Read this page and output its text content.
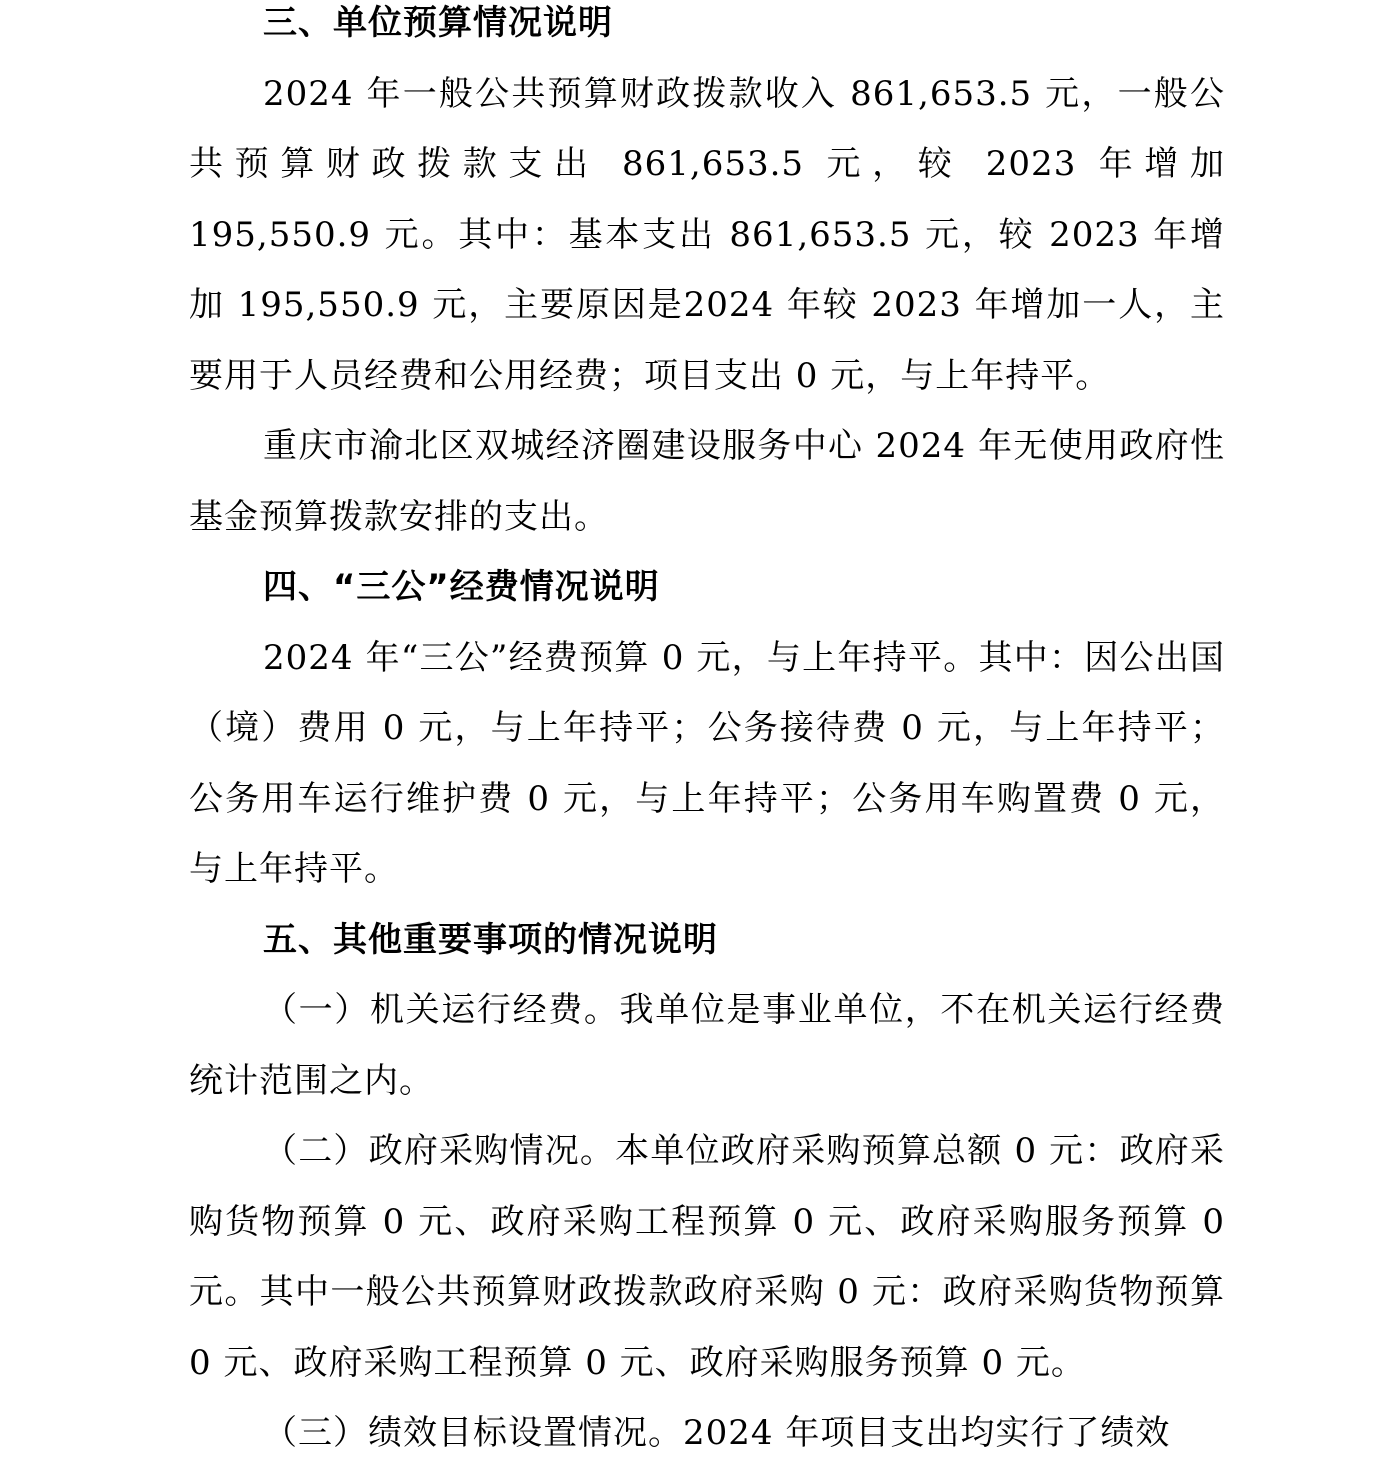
三、单位预算情况说明

2024 年一般公共预算财政拨款收入 861,653.5 元，一般公共预算财政拨款支出 861,653.5 元，较 2023 年增加 195,550.9 元。其中：基本支出 861,653.5 元，较 2023 年增加 195,550.9 元，主要原因是2024 年较 2023 年增加一人，主要用于人员经费和公用经费；项目支出 0 元，与上年持平。

重庆市渝北区双城经济圈建设服务中心 2024 年无使用政府性基金预算拨款安排的支出。

四、“三公”经费情况说明

2024 年“三公”经费预算 0 元，与上年持平。其中：因公出国（境）费用 0 元，与上年持平；公务接待费 0 元，与上年持平；公务用车运行维护费 0 元，与上年持平；公务用车购置费 0 元，与上年持平。

五、其他重要事项的情况说明

（一）机关运行经费。我单位是事业单位，不在机关运行经费统计范围之内。

（二）政府采购情况。本单位政府采购预算总额 0 元：政府采购货物预算 0 元、政府采购工程预算 0 元、政府采购服务预算 0 元。其中一般公共预算财政拨款政府采购 0 元：政府采购货物预算 0 元、政府采购工程预算 0 元、政府采购服务预算 0 元。

（三）绩效目标设置情况。2024 年项目支出均实行了绩效
